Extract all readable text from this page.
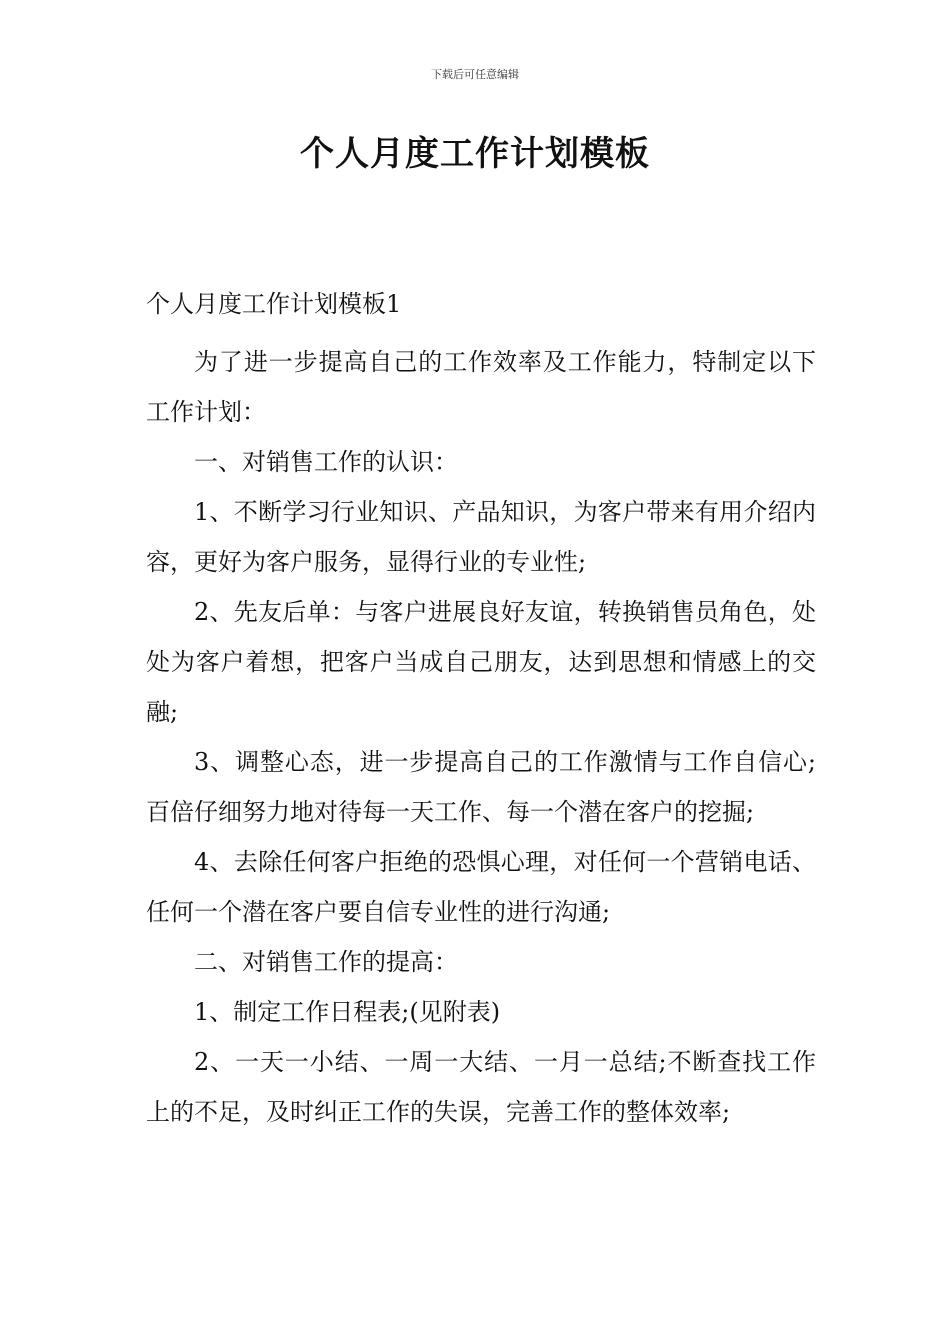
下载后可任意编辑
个人月度工作计划模板
个人月度工作计划模板1

为了进一步提高自己的工作效率及工作能力，特制定以下工作计划：

一、对销售工作的认识：

1、不断学习行业知识、产品知识，为客户带来有用介绍内容，更好为客户服务，显得行业的专业性;

2、先友后单：与客户进展良好友谊，转换销售员角色，处处为客户着想，把客户当成自己朋友，达到思想和情感上的交融;

3、调整心态，进一步提高自己的工作激情与工作自信心;百倍仔细努力地对待每一天工作、每一个潜在客户的挖掘;

4、去除任何客户拒绝的恐惧心理，对任何一个营销电话、任何一个潜在客户要自信专业性的进行沟通;

二、对销售工作的提高：

1、制定工作日程表;(见附表)

2、一天一小结、一周一大结、一月一总结;不断查找工作上的不足，及时纠正工作的失误，完善工作的整体效率;
